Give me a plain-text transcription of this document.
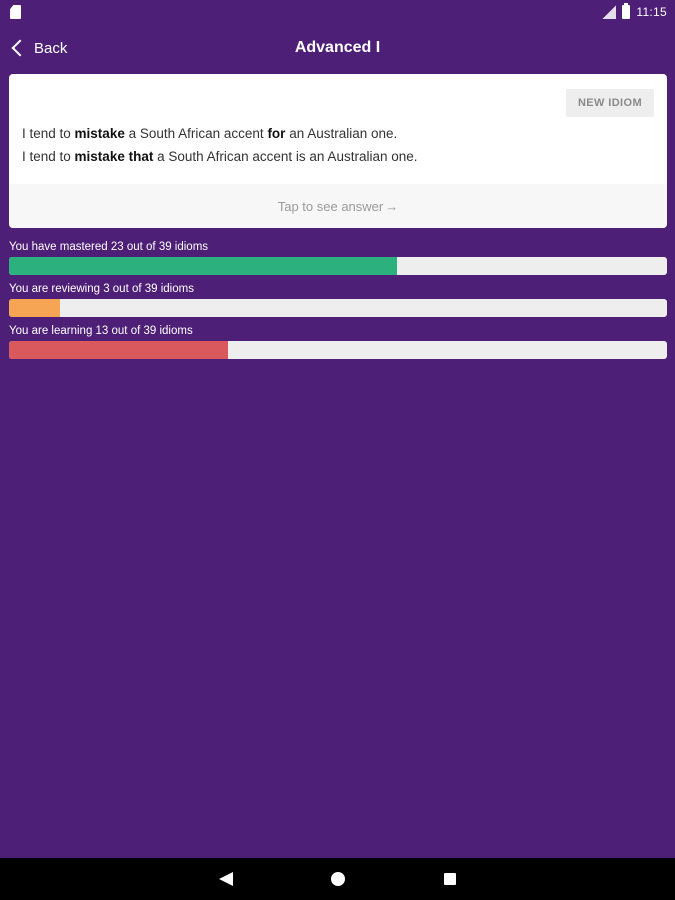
11:15
Back	Advanced I
NEW IDIOM
I tend to mistake a South African accent for an Australian one.
I tend to mistake that a South African accent is an Australian one.
Tap to see answer →
You have mastered 23 out of 39 idioms
You are reviewing 3 out of 39 idioms
You are learning 13 out of 39 idioms
